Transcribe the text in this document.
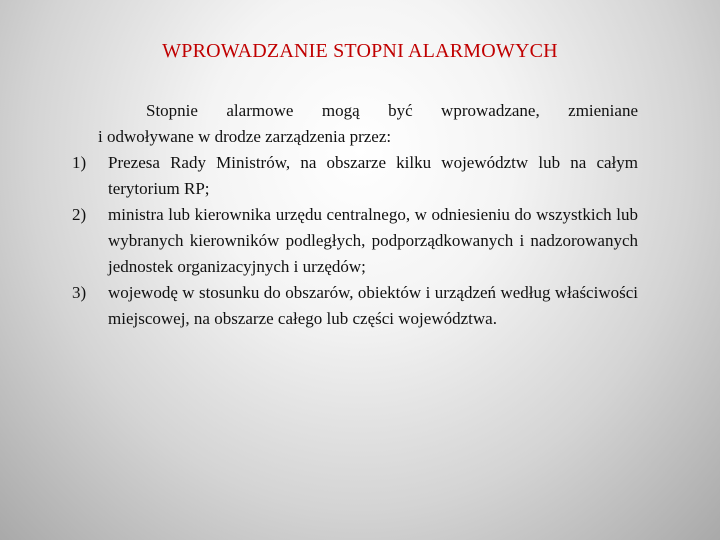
WPROWADZANIE STOPNI ALARMOWYCH

Stopnie alarmowe mogą być wprowadzane, zmieniane
i odwoływane w drodze zarządzenia przez:

1)	Prezesa Rady Ministrów, na obszarze kilku województw lub na całym terytorium RP;
2)	ministra lub kierownika urzędu centralnego, w odniesieniu do wszystkich lub wybranych kierowników podległych, podporządkowanych i nadzorowanych jednostek organizacyjnych i urzędów;
3)	wojewodę w stosunku do obszarów, obiektów i urządzeń według właściwości miejscowej, na obszarze całego lub części województwa.
